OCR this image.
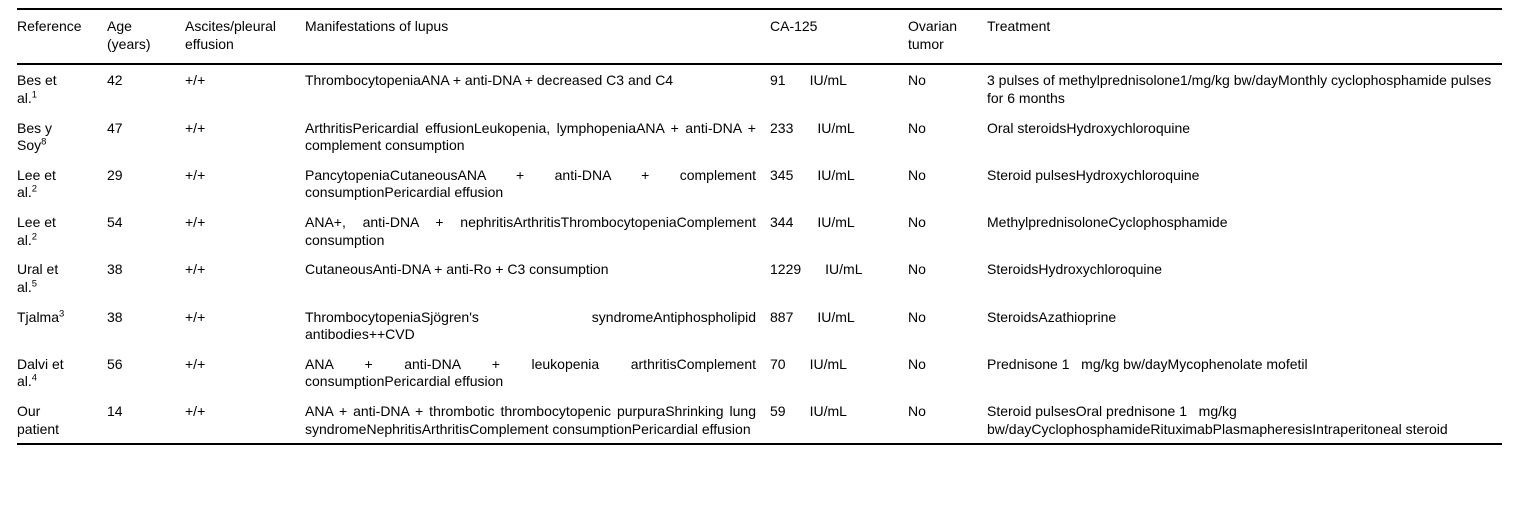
Reference	Age (years)	Ascites/pleural effusion	Manifestations of lupus	CA-125	Ovarian tumor	Treatment
Bes et al.$^1$	42	+/+	ThrombocytopeniaANA + anti-DNA + decreased C3 and C4	91 IU/mL	No	3 pulses of methylprednisolone1/mg/kg bw/dayMonthly cyclophosphamide pulses for 6 months
Bes y Soy$^8$	47	+/+	ArthritisPericardial effusionLeukopenia, lymphopeniaANA + anti-DNA + complement consumption	233 IU/mL	No	Oral steroidsHydroxychloroquine
Lee et al.$^2$	29	+/+	PancytopeniaCutaneousANA + anti-DNA + complement consumptionPericardial effusion	345 IU/mL	No	Steroid pulsesHydroxychloroquine
Lee et al.$^2$	54	+/+	ANA+, anti-DNA + nephritisArthritisThrombocytopeniaComplement consumption	344 IU/mL	No	MethylprednisoloneCyclophosphamide
Ural et al.$^5$	38	+/+	CutaneousAnti-DNA + anti-Ro + C3 consumption	1229 IU/mL	No	SteroidsHydroxychloroquine
Tjalma$^3$	38	+/+	ThrombocytopeniaSjögren's syndromeAntiphospholipid antibodies++CVD	887 IU/mL	No	SteroidsAzathioprine
Dalvi et al.$^4$	56	+/+	ANA + anti-DNA + leukopenia arthritisComplement consumptionPericardial effusion	70 IU/mL	No	Prednisone 1   mg/kg bw/dayMycophenolate mofetil
Our patient	14	+/+	ANA + anti-DNA + thrombotic thrombocytopenic purpuraShrinking lung syndromeNephritisArthritisComplement consumptionPericardial effusion	59 IU/mL	No	Steroid pulsesOral prednisone 1   mg/kg bw/dayCyclophosphamideRituximabPlasmapheresisIntraperitoneal steroid
